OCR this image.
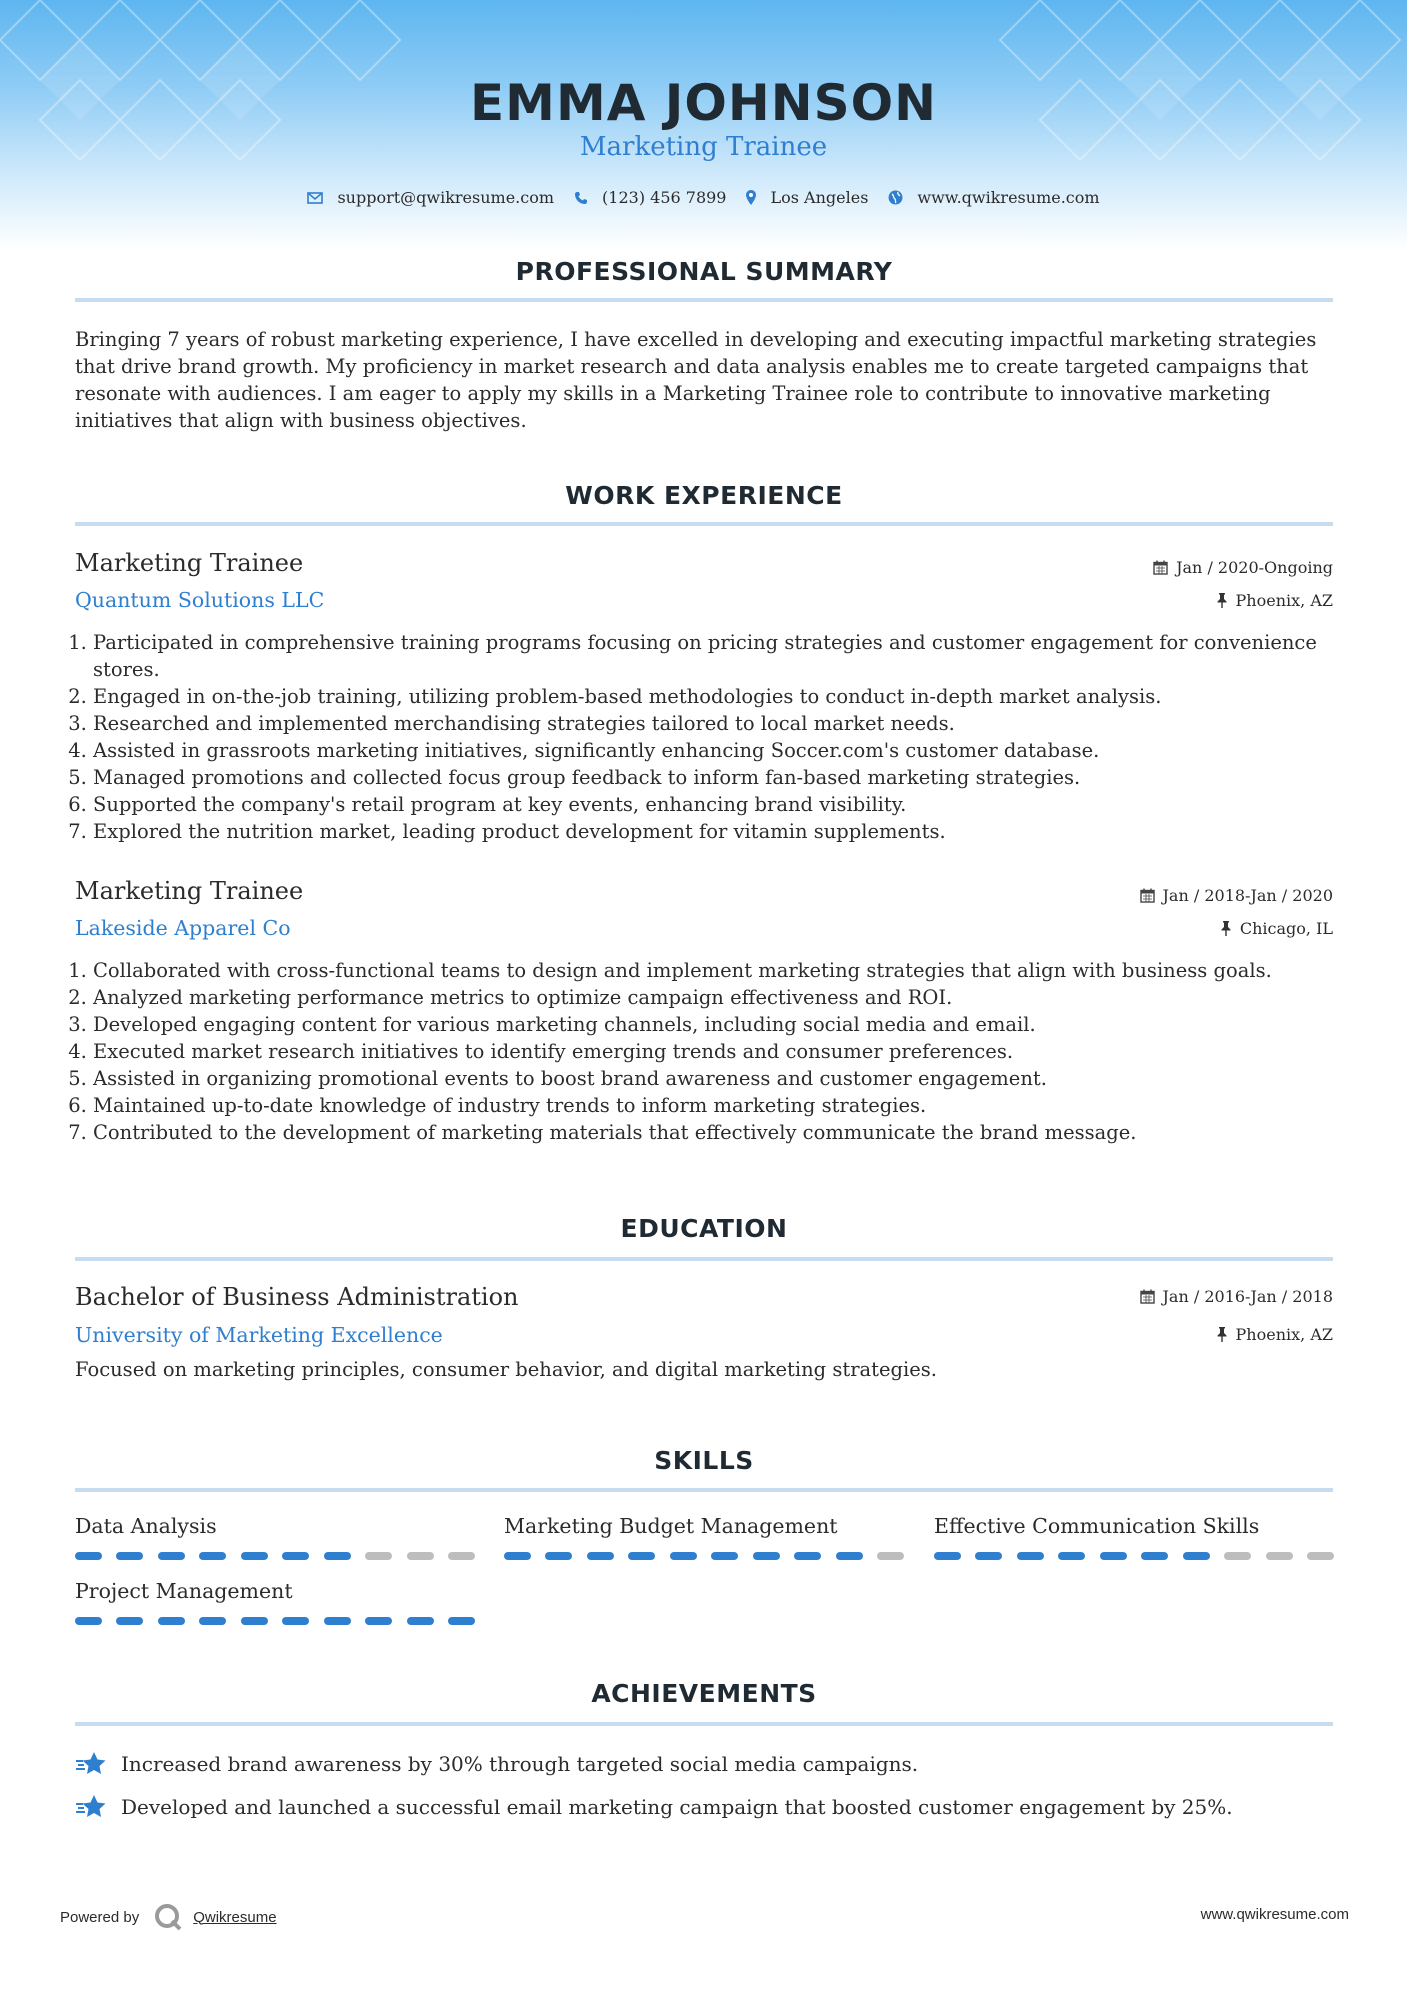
EMMA JOHNSON
Marketing Trainee
support@qwikresume.com	(123) 456 7899	Los Angeles	www.qwikresume.com
PROFESSIONAL SUMMARY
Bringing 7 years of robust marketing experience, I have excelled in developing and executing impactful marketing strategies that drive brand growth. My proficiency in market research and data analysis enables me to create targeted campaigns that resonate with audiences. I am eager to apply my skills in a Marketing Trainee role to contribute to innovative marketing initiatives that align with business objectives.
WORK EXPERIENCE
Marketing Trainee	Jan / 2020-Ongoing
Quantum Solutions LLC	Phoenix, AZ
1. Participated in comprehensive training programs focusing on pricing strategies and customer engagement for convenience stores.
2. Engaged in on-the-job training, utilizing problem-based methodologies to conduct in-depth market analysis.
3. Researched and implemented merchandising strategies tailored to local market needs.
4. Assisted in grassroots marketing initiatives, significantly enhancing Soccer.com's customer database.
5. Managed promotions and collected focus group feedback to inform fan-based marketing strategies.
6. Supported the company's retail program at key events, enhancing brand visibility.
7. Explored the nutrition market, leading product development for vitamin supplements.
Marketing Trainee	Jan / 2018-Jan / 2020
Lakeside Apparel Co	Chicago, IL
1. Collaborated with cross-functional teams to design and implement marketing strategies that align with business goals.
2. Analyzed marketing performance metrics to optimize campaign effectiveness and ROI.
3. Developed engaging content for various marketing channels, including social media and email.
4. Executed market research initiatives to identify emerging trends and consumer preferences.
5. Assisted in organizing promotional events to boost brand awareness and customer engagement.
6. Maintained up-to-date knowledge of industry trends to inform marketing strategies.
7. Contributed to the development of marketing materials that effectively communicate the brand message.
EDUCATION
Bachelor of Business Administration	Jan / 2016-Jan / 2018
University of Marketing Excellence	Phoenix, AZ
Focused on marketing principles, consumer behavior, and digital marketing strategies.
SKILLS
Data Analysis	Marketing Budget Management	Effective Communication Skills
Project Management
ACHIEVEMENTS
Increased brand awareness by 30% through targeted social media campaigns.
Developed and launched a successful email marketing campaign that boosted customer engagement by 25%.
Powered by	Qwikresume	www.qwikresume.com
